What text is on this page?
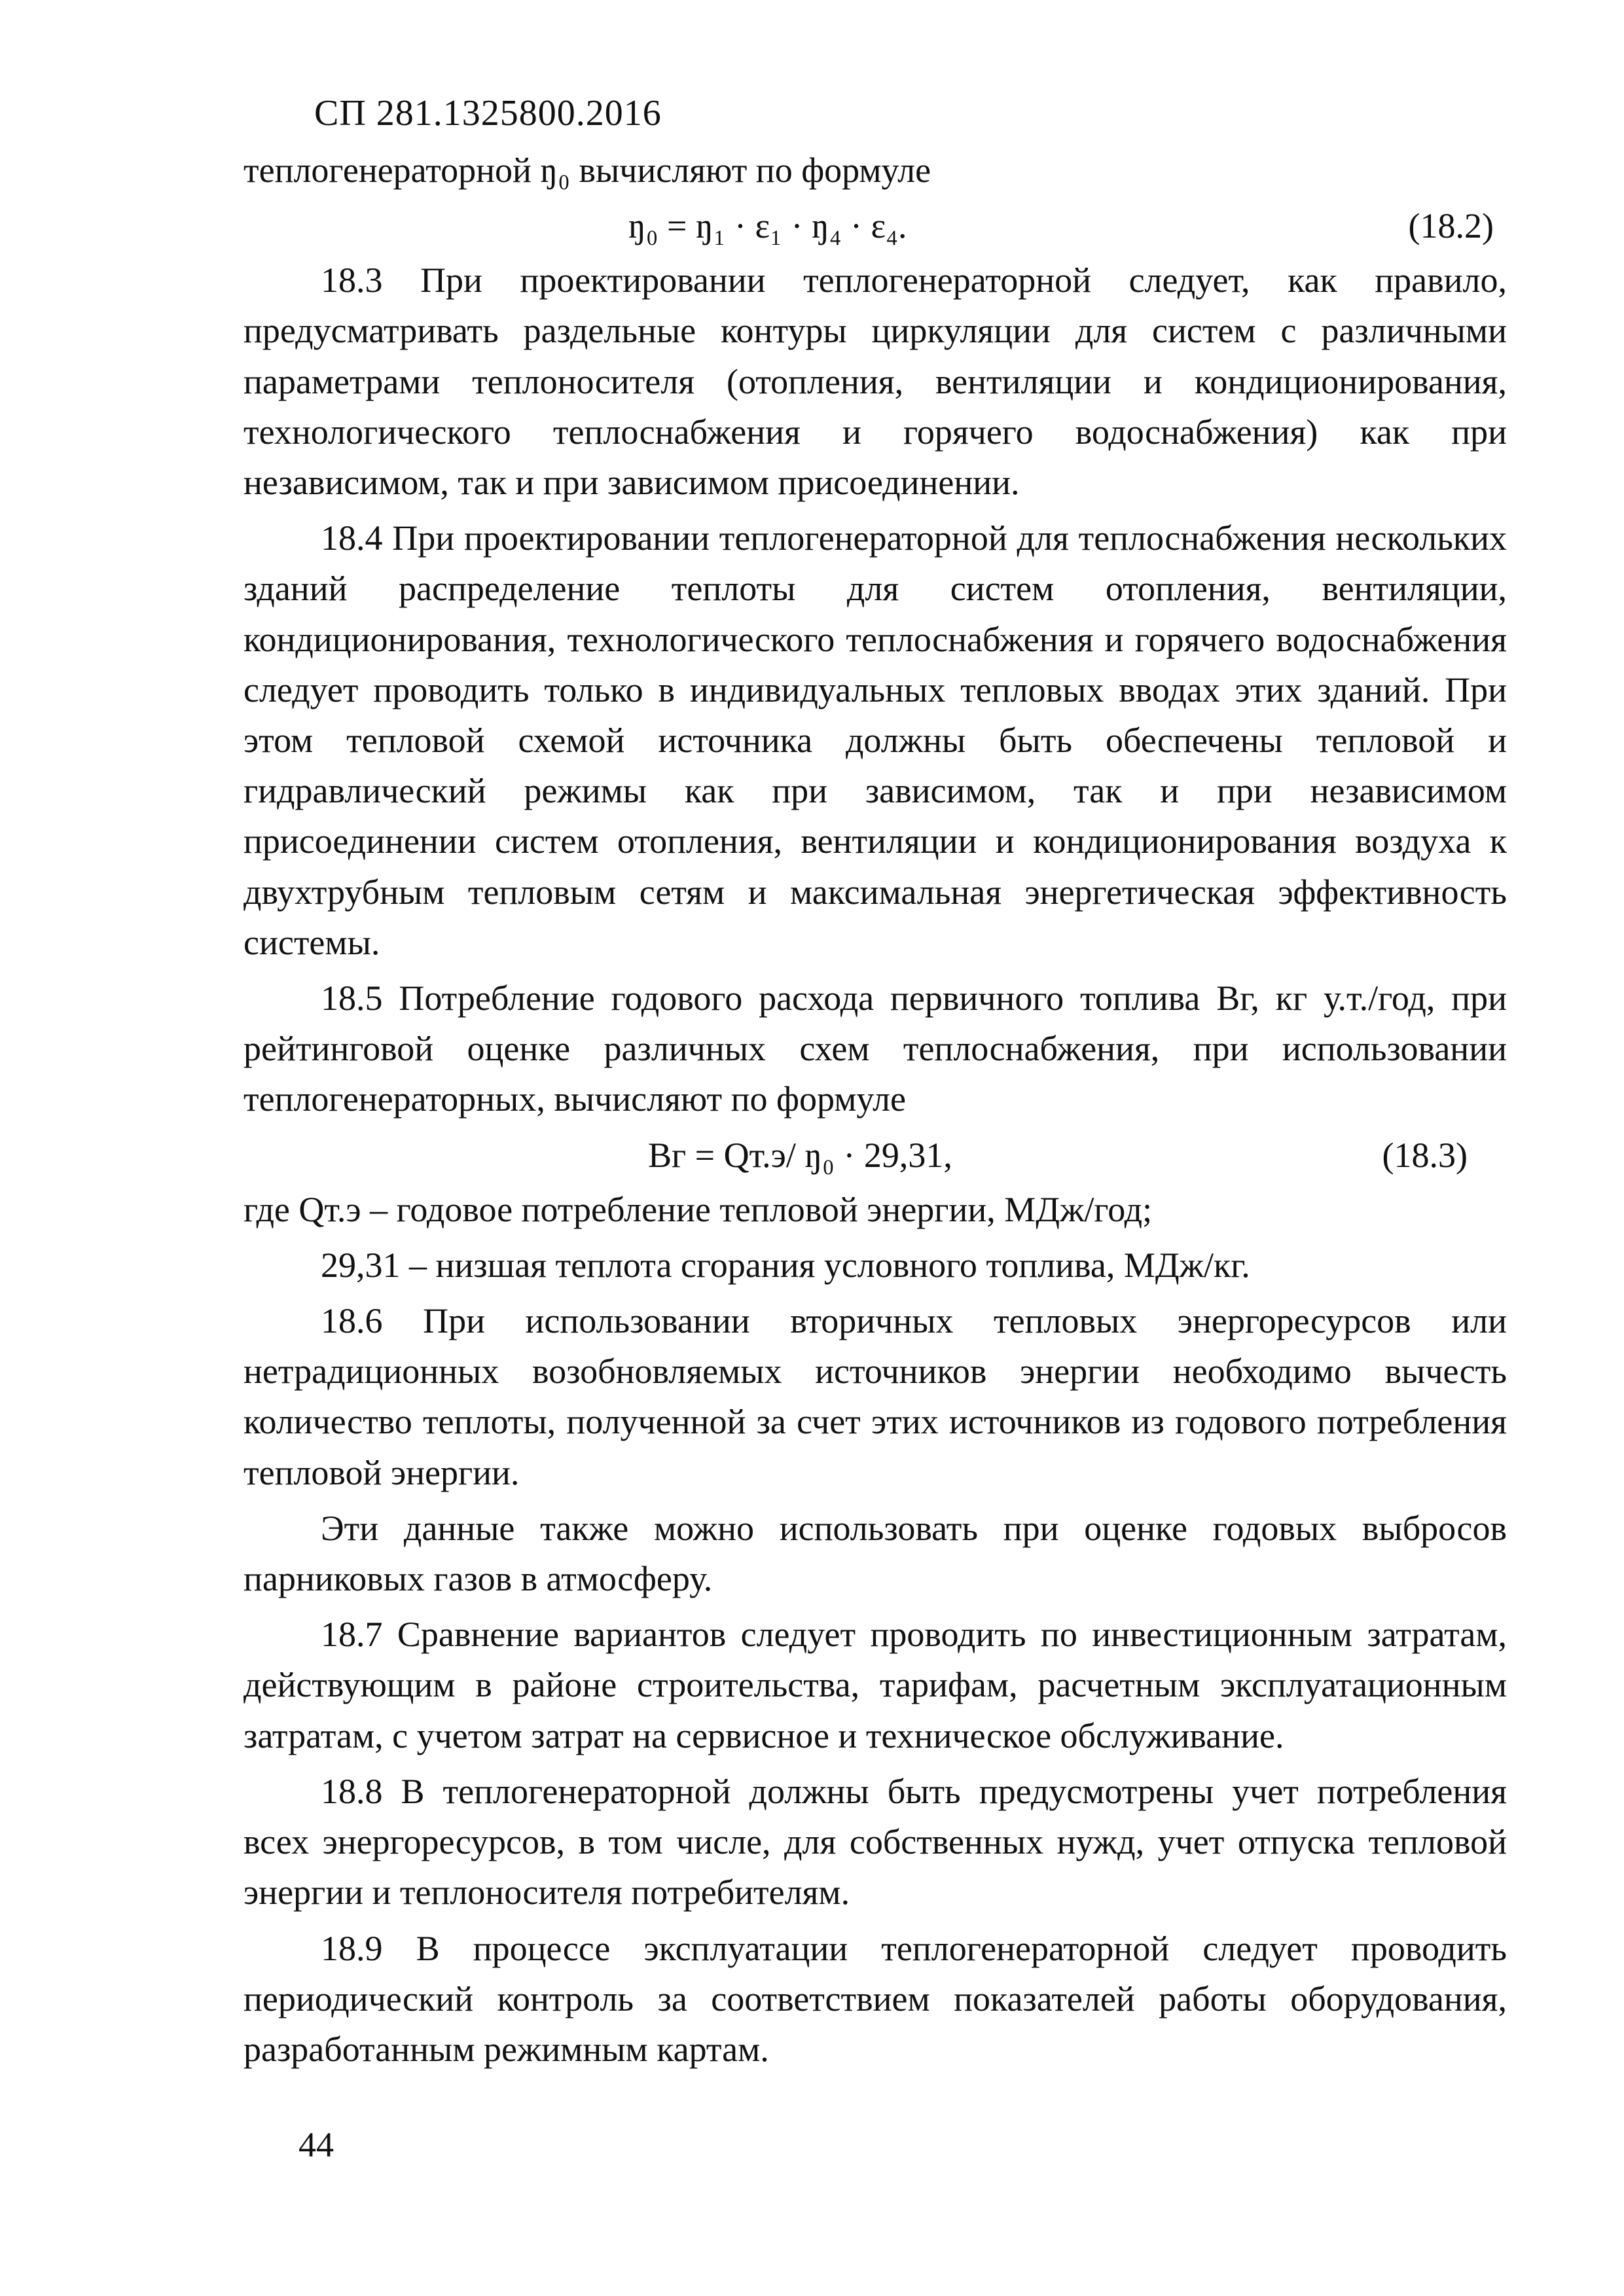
СП 281.1325800.2016
теплогенераторной ŋ₀ вычисляют по формуле
ŋ₀ = ŋ₁ · ε₁ · ŋ₄ · ε₄.	(18.2)
18.3 При проектировании теплогенераторной следует, как правило, предусматривать раздельные контуры циркуляции для систем с различными параметрами теплоносителя (отопления, вентиляции и кондиционирования, технологического теплоснабжения и горячего водоснабжения) как при независимом, так и при зависимом присоединении.
18.4 При проектировании теплогенераторной для теплоснабжения нескольких зданий распределение теплоты для систем отопления, вентиляции, кондиционирования, технологического теплоснабжения и горячего водоснабжения следует проводить только в индивидуальных тепловых вводах этих зданий. При этом тепловой схемой источника должны быть обеспечены тепловой и гидравлический режимы как при зависимом, так и при независимом присоединении систем отопления, вентиляции и кондиционирования воздуха к двухтрубным тепловым сетям и максимальная энергетическая эффективность системы.
18.5 Потребление годового расхода первичного топлива Bг, кг у.т./год, при рейтинговой оценке различных схем теплоснабжения, при использовании теплогенераторных, вычисляют по формуле
Bг = Qт.э/ ŋ₀ · 29,31,	(18.3)
где Qт.э – годовое потребление тепловой энергии, МДж/год;
29,31 – низшая теплота сгорания условного топлива, МДж/кг.
18.6 При использовании вторичных тепловых энергоресурсов или нетрадиционных возобновляемых источников энергии необходимо вычесть количество теплоты, полученной за счет этих источников из годового потребления тепловой энергии.
Эти данные также можно использовать при оценке годовых выбросов парниковых газов в атмосферу.
18.7 Сравнение вариантов следует проводить по инвестиционным затратам, действующим в районе строительства, тарифам, расчетным эксплуатационным затратам, с учетом затрат на сервисное и техническое обслуживание.
18.8 В теплогенераторной должны быть предусмотрены учет потребления всех энергоресурсов, в том числе, для собственных нужд, учет отпуска тепловой энергии и теплоносителя потребителям.
18.9 В процессе эксплуатации теплогенераторной следует проводить периодический контроль за соответствием показателей работы оборудования, разработанным режимным картам.
44
